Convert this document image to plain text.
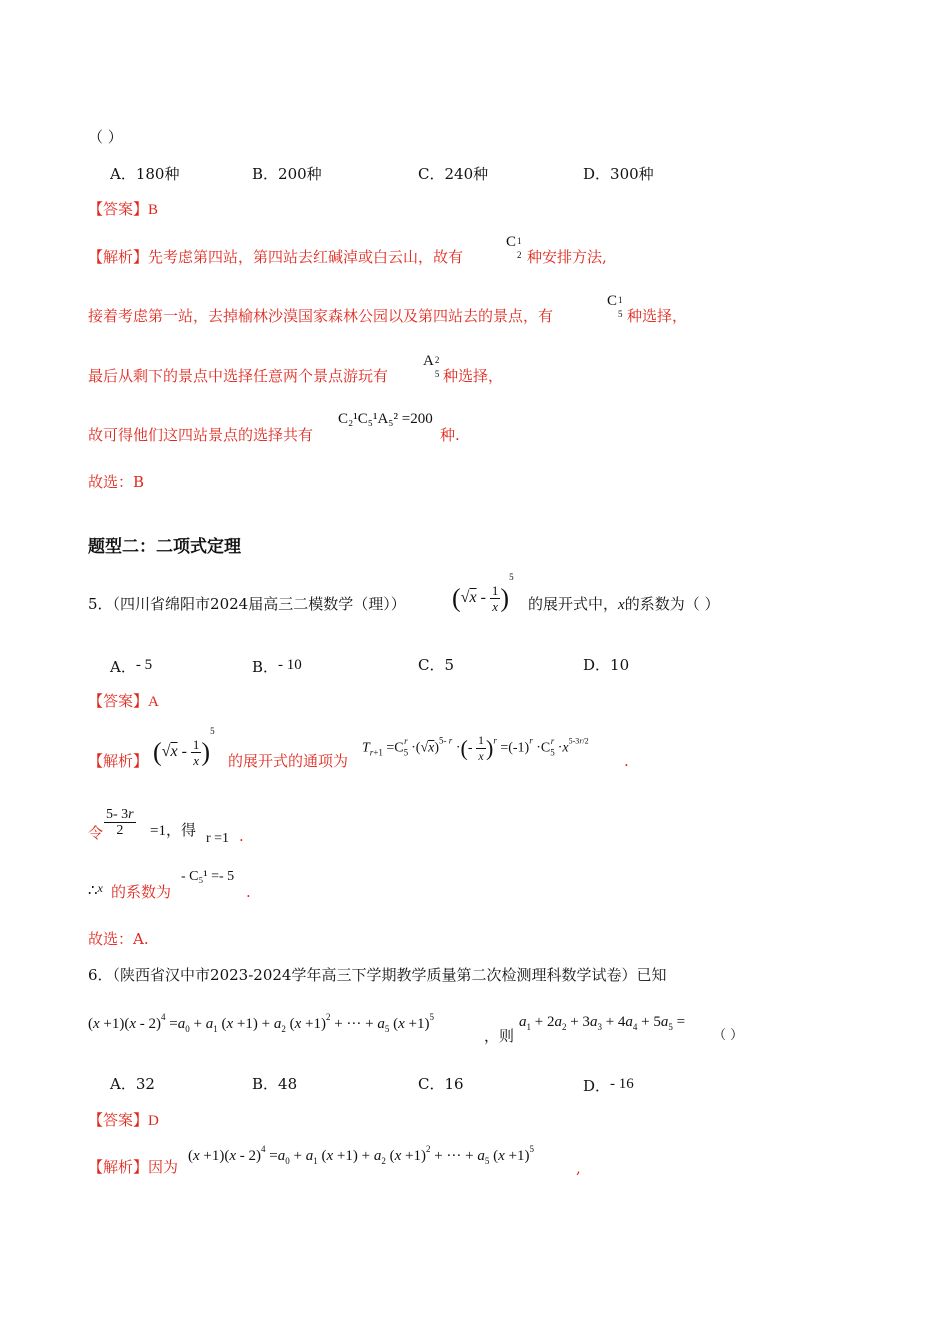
（ ）
A．180种	B．200种	C．240种	D．300种
【答案】B
【解析】先考虑第四站，第四站去红碱淖或白云山，故有
C 1
2 种安排方法,
接着考虑第一站，去掉榆林沙漠国家森林公园以及第四站去的景点，有
C 1
5 种选择，
最后从剩下的景点中选择任意两个景点游玩有
A 2
5 种选择，
故可得他们这四站景点的选择共有
C₂¹C₅¹A₅² =200
种.
故选：B
题型二：二项式定理
5．（四川省绵阳市2024届高三二模数学（理）） $(√x - \frac{1}{x} )^5$
的展开式中，x的系数为（ ）
A．- 5	B．- 10	C．5	D．10
【答案】A
【解析】 $(√x - \frac{1}{x} )^5$
的展开式的通项为
$T_{r+1} =C_5^r \cdot(√x)^{5- r}$ ·(- $\frac{1}{x} )^r =(-1)^r \cdot C_5^r \cdot x^{5-3r/2}$
.
令 $\frac{5- 3r}{2} =1$，得 r =1 .
∴$^x$ 的系数为
- C₅¹ =- 5
.
故选：A.
6．（陕西省汉中市2023-2024学年高三下学期教学质量第二次检测理科数学试卷）已知
$(x +1)(x - 2)^4 =a_0 + a_1$ $(x +1) + a_2$ $(x +1)^2$ + ··· + $a_5$ $(x +1)^5$
，则
$a_1 + 2a_2 + 3a_3 + 4a_4 + 5a_5$ =
（ ）
A．32	B．48	C．16	D．- 16
【答案】D
【解析】因为
$(x +1)(x - 2)^4 =a_0 + a_1$ $(x +1) + a_2$ $(x +1)^2$ + ··· + $a_5$ $(x +1)^5$
,
